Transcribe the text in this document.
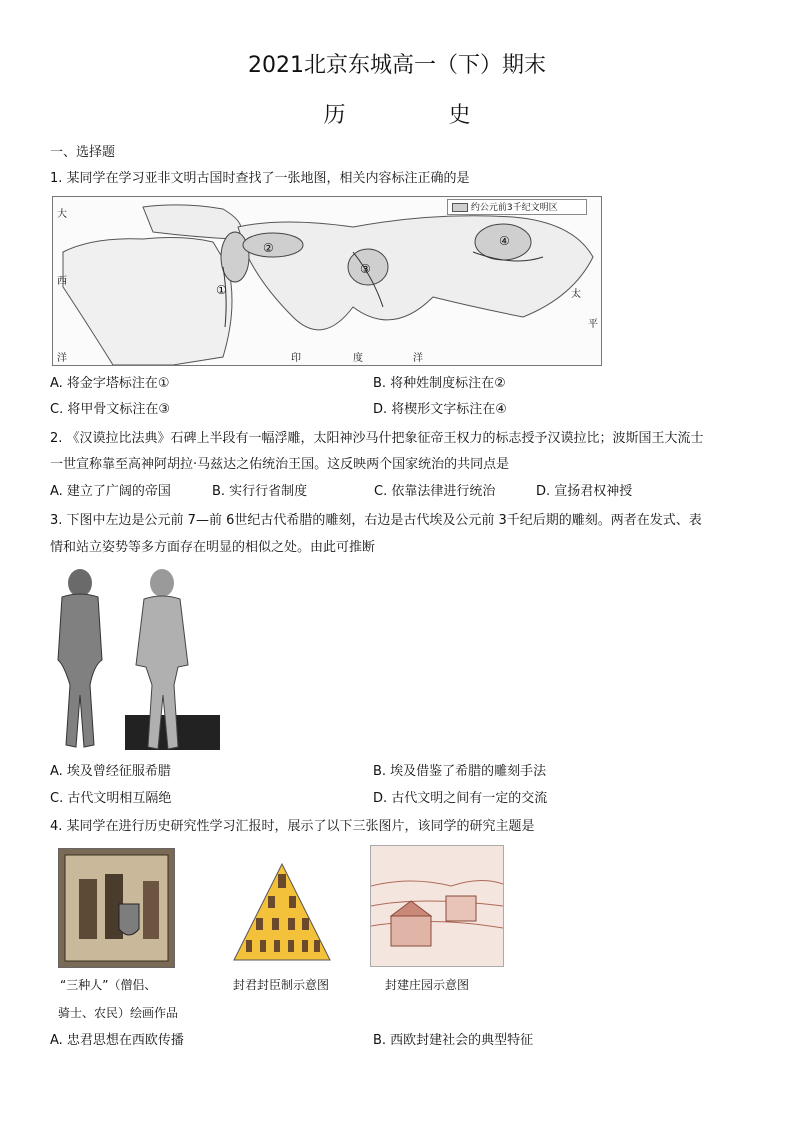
2021北京东城高一（下）期末
历 史
一、选择题
1. 某同学在学习亚非文明古国时查找了一张地图，相关内容标注正确的是
约公元前3千纪文明区
①
②
③
④
大
西
洋	印	度	洋
太
平
A. 将金字塔标注在①	B. 将种姓制度标注在②
C. 将甲骨文标注在③	D. 将楔形文字标注在④
2. 《汉谟拉比法典》石碑上半段有一幅浮雕，太阳神沙马什把象征帝王权力的标志授予汉谟拉比；波斯国王大流士
一世宣称靠至高神阿胡拉·马兹达之佑统治王国。这反映两个国家统治的共同点是
A. 建立了广阔的帝国	B. 实行行省制度	C. 依靠法律进行统治	D. 宣扬君权神授
3. 下图中左边是公元前 7—前 6世纪古代希腊的雕刻，右边是古代埃及公元前 3千纪后期的雕刻。两者在发式、表
情和站立姿势等多方面存在明显的相似之处。由此可推断
A. 埃及曾经征服希腊	B. 埃及借鉴了希腊的雕刻手法
C. 古代文明相互隔绝	D. 古代文明之间有一定的交流
4. 某同学在进行历史研究性学习汇报时，展示了以下三张图片，该同学的研究主题是
“三种人”（僧侣、
骑士、农民）绘画作品
封君封臣制示意图	封建庄园示意图
A. 忠君思想在西欧传播	B. 西欧封建社会的典型特征
